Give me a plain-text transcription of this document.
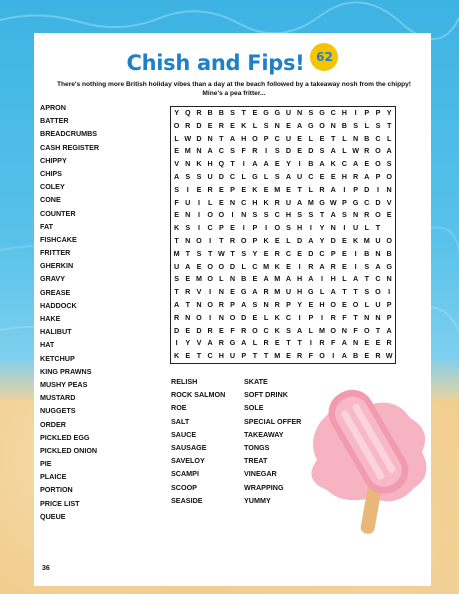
Chish and Fips! 62

There's nothing more British holiday vibes than a day at the beach followed by a takeaway nosh from the chippy! Mine's a pea fritter...

APRON
BATTER
BREADCRUMBS
CASH REGISTER
CHIPPY
CHIPS
COLEY
CONE
COUNTER
FAT
FISHCAKE
FRITTER
GHERKIN
GRAVY
GREASE
HADDOCK
HAKE
HALIBUT
HAT
KETCHUP
KING PRAWNS
MUSHY PEAS
MUSTARD
NUGGETS
ORDER
PICKLED EGG
PICKLED ONION
PIE
PLAICE
PORTION
PRICE LIST
QUEUE
RELISH
ROCK SALMON
ROE
SALT
SAUCE
SAUSAGE
SAVELOY
SCAMPI
SCOOP
SEASIDE
SKATE
SOFT DRINK
SOLE
SPECIAL OFFER
TAKEAWAY
TONGS
TREAT
VINEGAR
WRAPPING
YUMMY
Y Q R B B S T E G G U N S G C H	I	P P Y
O R D E R E K L S N E A G O N B S L S T
L W D N T A H O P C U E L E T L N B C L
E M N A C S F R	I	S D E D S A L W R O A
V N K H Q T	I	A A E Y	I	B A K C A E O S
A S S U D C L G L S A U C E E H R A P O
S	I	E R E P E K E M E T L R A	I	P D	I	N
F U	I	L E N C H K R U A M G W P G C D V
E N	I	O O	I	N S S C H S S T A S N R O E
K S	I	C P E	I	P	I	O S H	I	Y N	I	U L T
T N O	I	T R O P K E L D A Y D E K M U O
M T S T W T S Y E R C E D C P E	I	B N B
U A E O O D L C M K E	I	R A R E	I	S A G
S E M O L N B E A M A H A	I	H L A T C N
T R V	I	N E G A R M U H G L A T T S O	I
A T N O R P A S N R P Y E H O E O L U P
R N O	I	N O D E L K C	I	P	I	R F T N N P
D E D R E F R O C K S A L M O N F O T A
I	Y V A R G A L R E T T	I	R F A N E E R
K E T C H U P T T M E R F O	I	A B E R W
36
